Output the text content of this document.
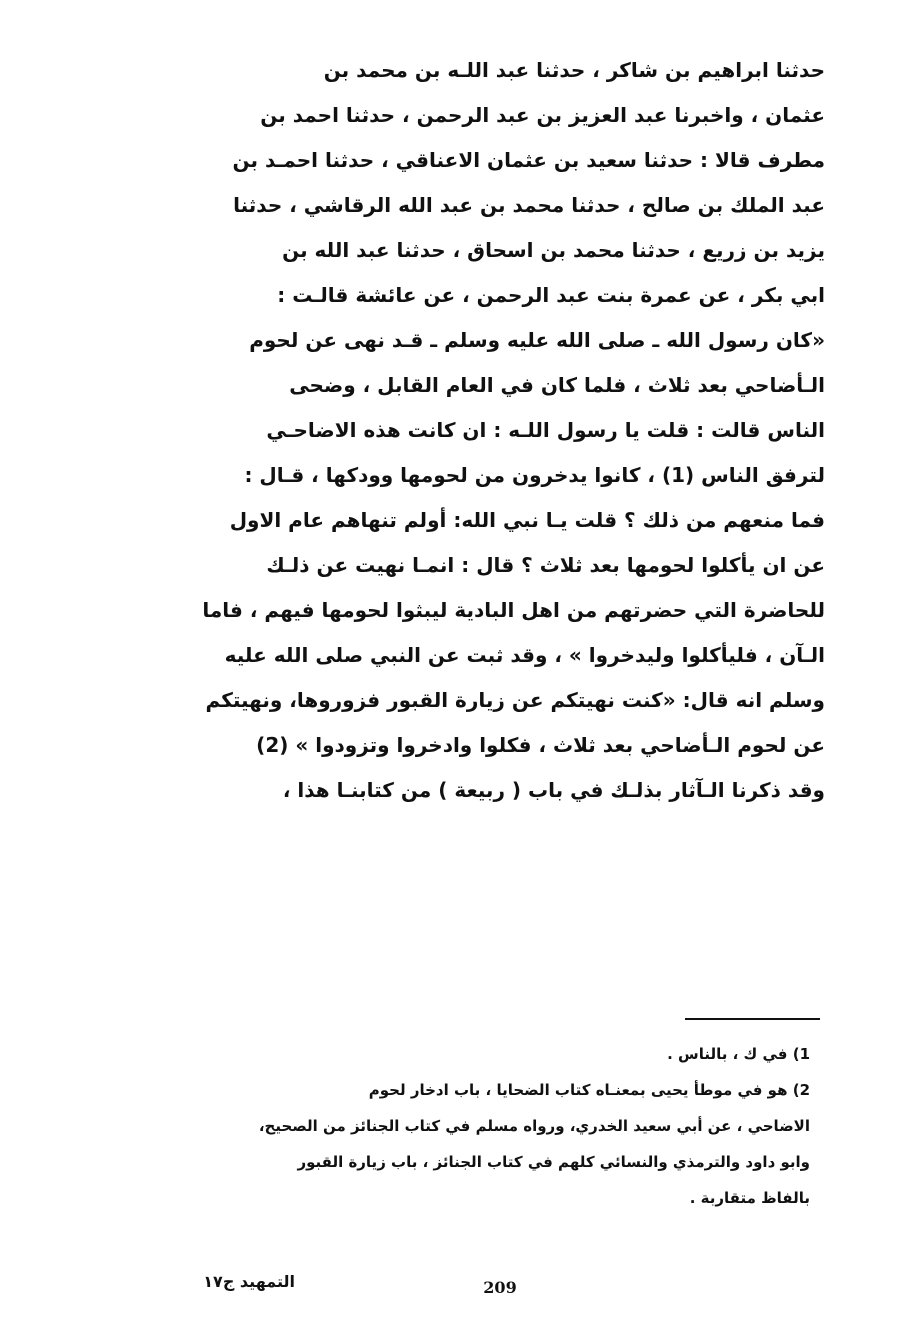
حدثنا ابراهيم بن شاكر ، حدثنا عبد اللـه بن محمد بن
عثمان ، واخبرنا عبد العزيز بن عبد الرحمن ، حدثنا احمد بن
مطرف قالا : حدثنا سعيد بن عثمان الاعناقي ، حدثنا احمـد بن
عبد الملك بن صالح ، حدثنا محمد بن عبد الله الرقاشي ، حدثنا
يزيد بن زريع ، حدثنا محمد بن اسحاق ، حدثنا عبد الله بن
ابي بكر ، عن عمرة بنت عبد الرحمن ، عن عائشة قالـت :
«كان رسول الله ـ صلى الله عليه وسلم ـ قـد نهى عن لحوم
الـأضاحي بعد ثلاث ، فلما كان في العام القابل ، وضحى
الناس قالت : قلت يا رسول اللـه : ان كانت هذه الاضاحـي
لترفق الناس (1) ، كانوا يدخرون من لحومها وودكها ، قـال :
فما منعهم من ذلك ؟ قلت يـا نبي الله: أولم تنهاهم عام الاول
عن ان يأكلوا لحومها بعد ثلاث ؟ قال : انمـا نهيت عن ذلـك
للحاضرة التي حضرتهم من اهل البادية ليبثوا لحومها فيهم ، فاما
الـآن ، فليأكلوا وليدخروا » ، وقد ثبت عن النبي صلى الله عليه
وسلم انه قال: «كنت نهيتكم عن زيارة القبور فزوروها، ونهيتكم
عن لحوم الـأضاحي بعد ثلاث ، فكلوا وادخروا وتزودوا » (2)
وقد ذكرنا الـآثار بذلـك في باب ( ربيعة ) من كتابنـا هذا ،
1) في ك ، بالناس .
2) هو في موطأ يحيى بمعنـاه كتاب الضحايا ، باب ادخار لحوم
الاضاحي ، عن أبي سعيد الخدري، ورواه مسلم في كتاب الجنائز من الصحيح،
وابو داود والترمذي والنسائي كلهم في كتاب الجنائز ، باب زيارة القبور
بالفاظ متقاربة .
209
التمهيد ج١٧
